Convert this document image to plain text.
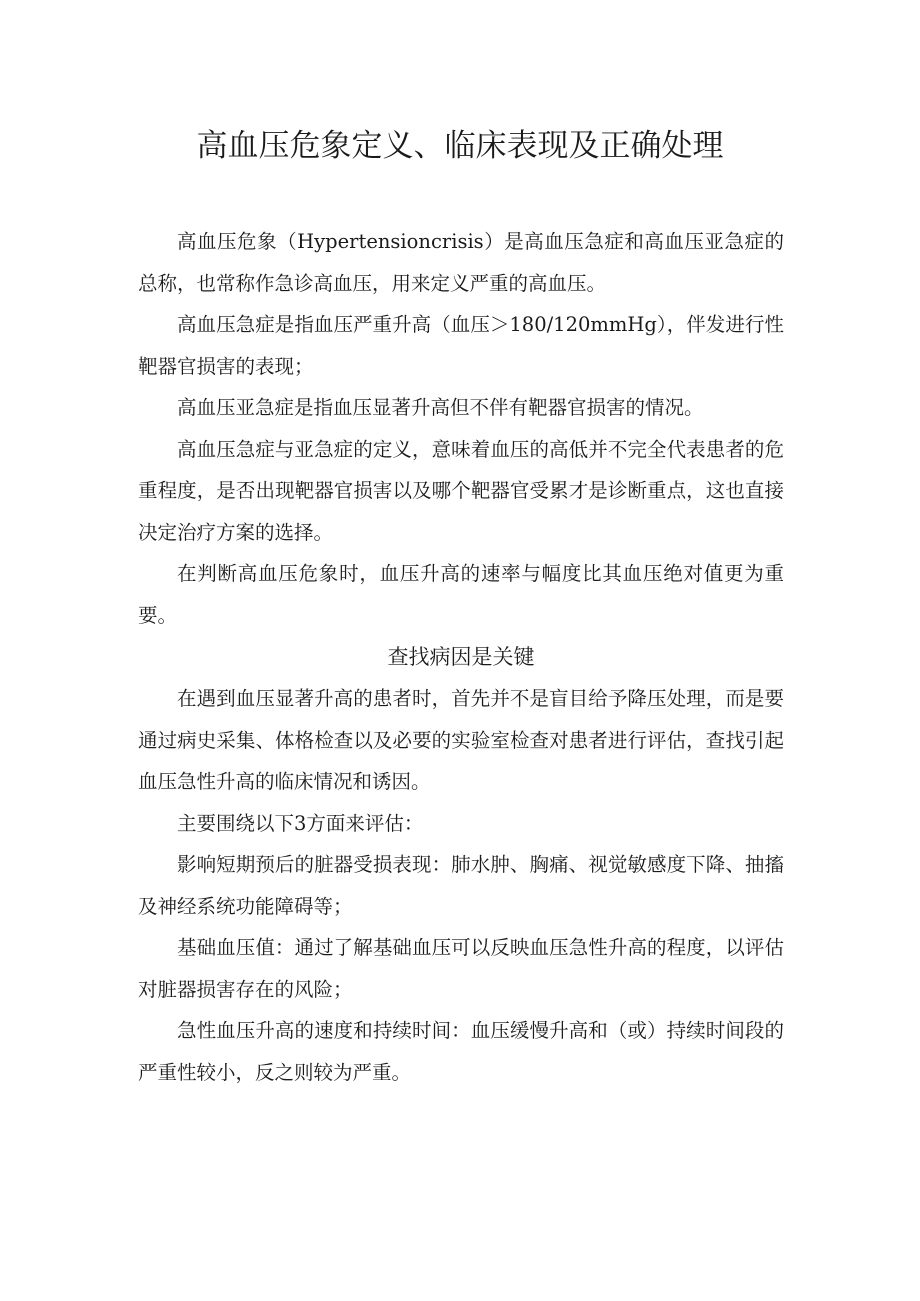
高血压危象定义、临床表现及正确处理

高血压危象（Hypertensioncrisis）是高血压急症和高血压亚急症的总称，也常称作急诊高血压，用来定义严重的高血压。

高血压急症是指血压严重升高（血压＞180/120mmHg），伴发进行性靶器官损害的表现；

高血压亚急症是指血压显著升高但不伴有靶器官损害的情况。

高血压急症与亚急症的定义，意味着血压的高低并不完全代表患者的危重程度，是否出现靶器官损害以及哪个靶器官受累才是诊断重点，这也直接决定治疗方案的选择。

在判断高血压危象时，血压升高的速率与幅度比其血压绝对值更为重要。

查找病因是关键

在遇到血压显著升高的患者时，首先并不是盲目给予降压处理，而是要通过病史采集、体格检查以及必要的实验室检查对患者进行评估，查找引起血压急性升高的临床情况和诱因。

主要围绕以下3方面来评估：

影响短期预后的脏器受损表现：肺水肿、胸痛、视觉敏感度下降、抽搐及神经系统功能障碍等；

基础血压值：通过了解基础血压可以反映血压急性升高的程度，以评估对脏器损害存在的风险；

急性血压升高的速度和持续时间：血压缓慢升高和（或）持续时间段的严重性较小，反之则较为严重。
